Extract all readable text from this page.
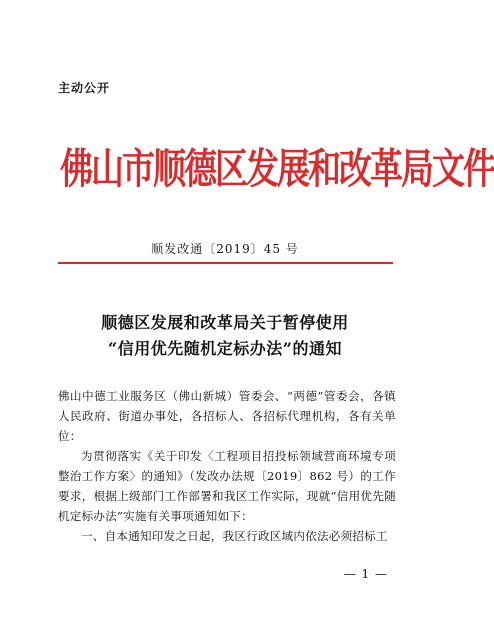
主动公开
佛山市顺德区发展和改革局文件
顺发改通〔2019〕45 号
顺德区发展和改革局关于暂停使用
“信用优先随机定标办法”的通知

佛山中德工业服务区（佛山新城）管委会、“两德”管委会，各镇人民政府、街道办事处，各招标人、各招标代理机构，各有关单位：

为贯彻落实《关于印发〈工程项目招投标领域营商环境专项整治工作方案〉的通知》（发改办法规〔2019〕862 号）的工作要求，根据上级部门工作部署和我区工作实际，现就“信用优先随机定标办法”实施有关事项通知如下：

一、自本通知印发之日起，我区行政区域内依法必须招标工

— 1 —
